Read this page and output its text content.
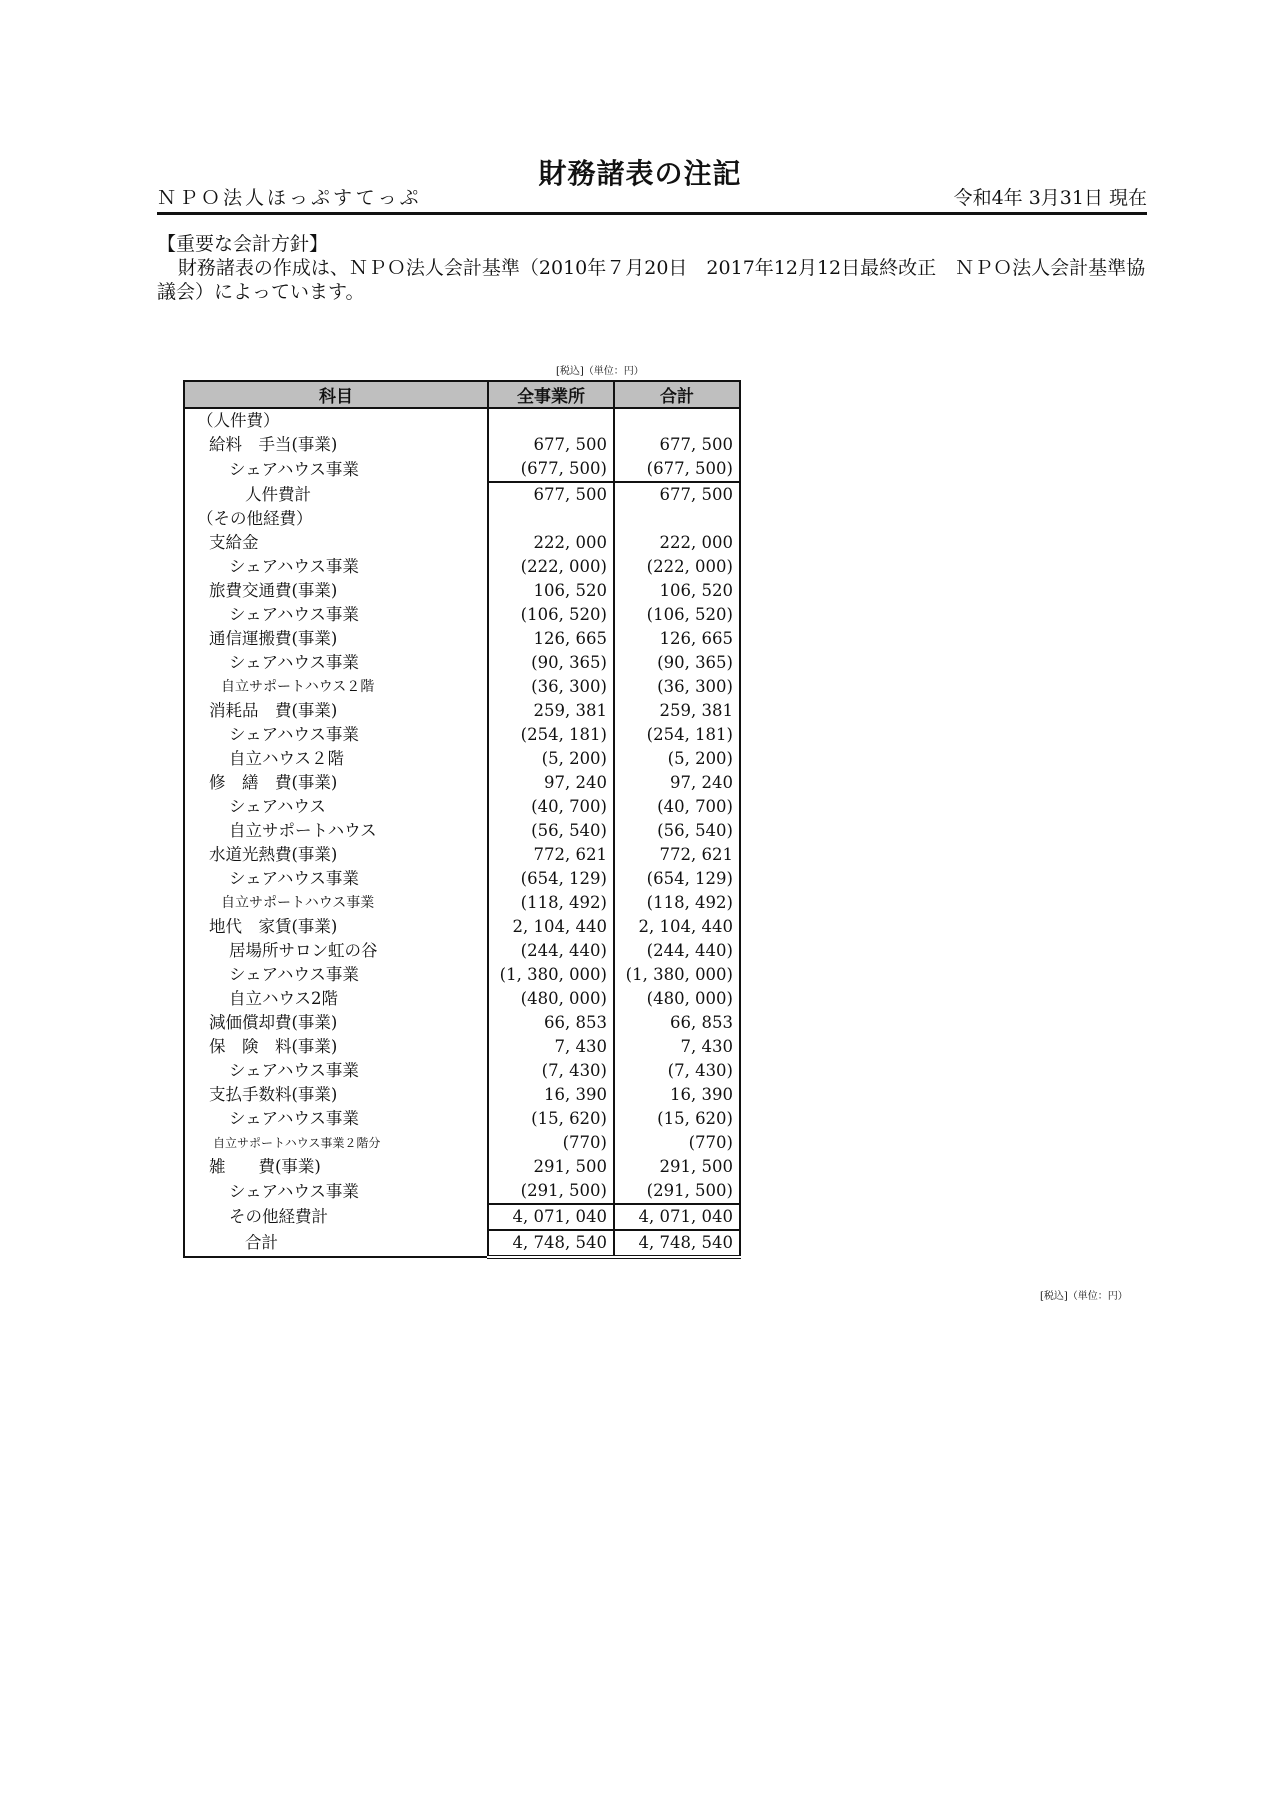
財務諸表の注記
ＮＰＯ法人ほっぷすてっぷ	令和4年 3月31日 現在
【重要な会計方針】
財務諸表の作成は、ＮＰＯ法人会計基準（2010年７月20日　2017年12月12日最終改正　ＮＰＯ法人会計基準協議会）によっています。
[税込]（単位：円）
科目	全事業所	合計
（人件費）		
給料　手当(事業)	677, 500	677, 500
シェアハウス事業	(677, 500)	(677, 500)
人件費計	677, 500	677, 500
（その他経費）		
支給金	222, 000	222, 000
シェアハウス事業	(222, 000)	(222, 000)
旅費交通費(事業)	106, 520	106, 520
シェアハウス事業	(106, 520)	(106, 520)
通信運搬費(事業)	126, 665	126, 665
シェアハウス事業	(90, 365)	(90, 365)
自立サポートハウス２階	(36, 300)	(36, 300)
消耗品　費(事業)	259, 381	259, 381
シェアハウス事業	(254, 181)	(254, 181)
自立ハウス２階	(5, 200)	(5, 200)
修　繕　費(事業)	97, 240	97, 240
シェアハウス	(40, 700)	(40, 700)
自立サポートハウス	(56, 540)	(56, 540)
水道光熱費(事業)	772, 621	772, 621
シェアハウス事業	(654, 129)	(654, 129)
自立サポートハウス事業	(118, 492)	(118, 492)
地代　家賃(事業)	2, 104, 440	2, 104, 440
居場所サロン虹の谷	(244, 440)	(244, 440)
シェアハウス事業	(1, 380, 000)	(1, 380, 000)
自立ハウス2階	(480, 000)	(480, 000)
減価償却費(事業)	66, 853	66, 853
保　険　料(事業)	7, 430	7, 430
シェアハウス事業	(7, 430)	(7, 430)
支払手数料(事業)	16, 390	16, 390
シェアハウス事業	(15, 620)	(15, 620)
自立サポートハウス事業２階分	(770)	(770)
雑　　費(事業)	291, 500	291, 500
シェアハウス事業	(291, 500)	(291, 500)
その他経費計	4, 071, 040	4, 071, 040
合計	4, 748, 540	4, 748, 540
[税込]（単位：円）
